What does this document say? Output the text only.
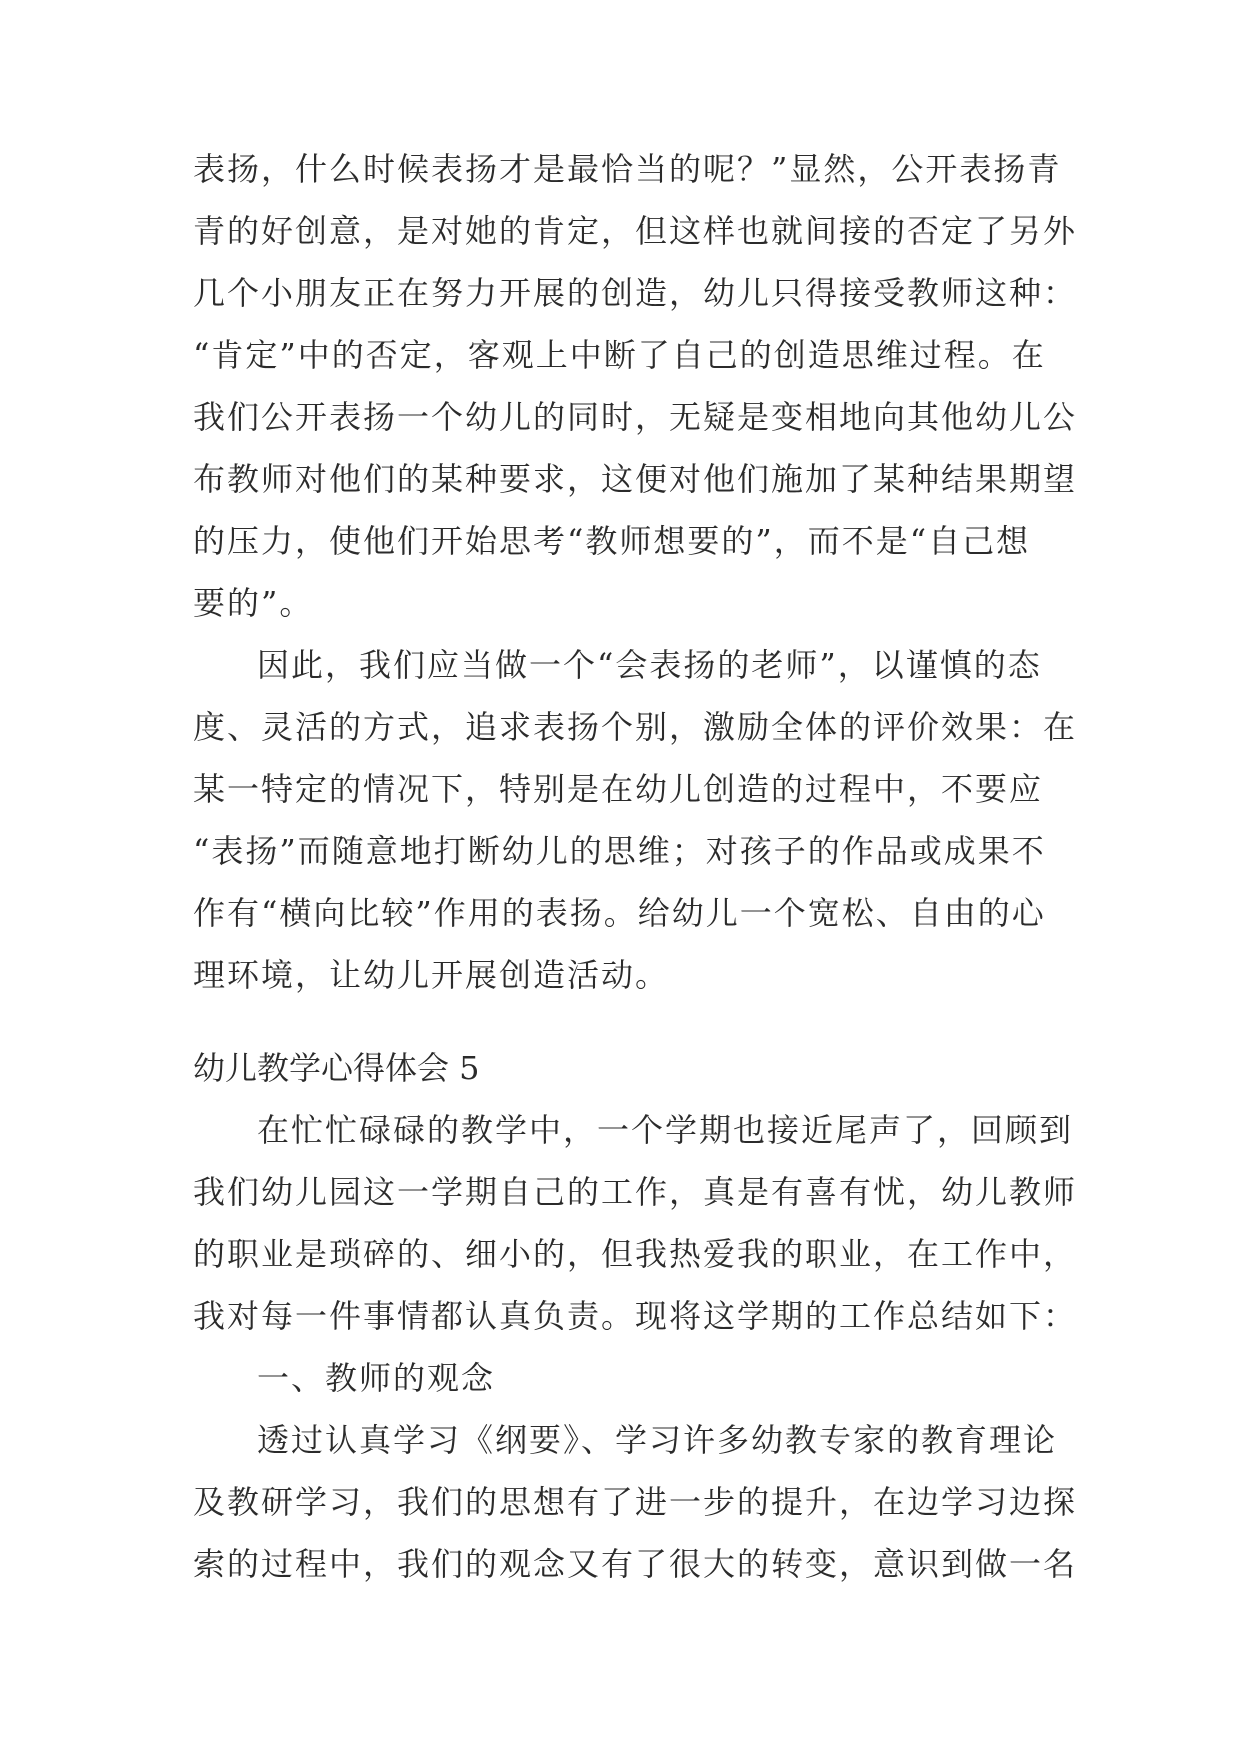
表扬，什么时候表扬才是最恰当的呢？”显然，公开表扬青
青的好创意，是对她的肯定，但这样也就间接的否定了另外
几个小朋友正在努力开展的创造，幼儿只得接受教师这种：
“肯定”中的否定，客观上中断了自己的创造思维过程。在
我们公开表扬一个幼儿的同时，无疑是变相地向其他幼儿公
布教师对他们的某种要求，这便对他们施加了某种结果期望
的压力，使他们开始思考“教师想要的”，而不是“自己想
要的”。
因此，我们应当做一个“会表扬的老师”，以谨慎的态
度、灵活的方式，追求表扬个别，激励全体的评价效果：在
某一特定的情况下，特别是在幼儿创造的过程中，不要应
“表扬”而随意地打断幼儿的思维；对孩子的作品或成果不
作有“横向比较”作用的表扬。给幼儿一个宽松、自由的心
理环境，让幼儿开展创造活动。
幼儿教学心得体会 5
在忙忙碌碌的教学中，一个学期也接近尾声了，回顾到
我们幼儿园这一学期自己的工作，真是有喜有忧，幼儿教师
的职业是琐碎的、细小的，但我热爱我的职业，在工作中，
我对每一件事情都认真负责。现将这学期的工作总结如下：
一、教师的观念
透过认真学习《纲要》、学习许多幼教专家的教育理论
及教研学习，我们的思想有了进一步的提升，在边学习边探
索的过程中，我们的观念又有了很大的转变，意识到做一名
